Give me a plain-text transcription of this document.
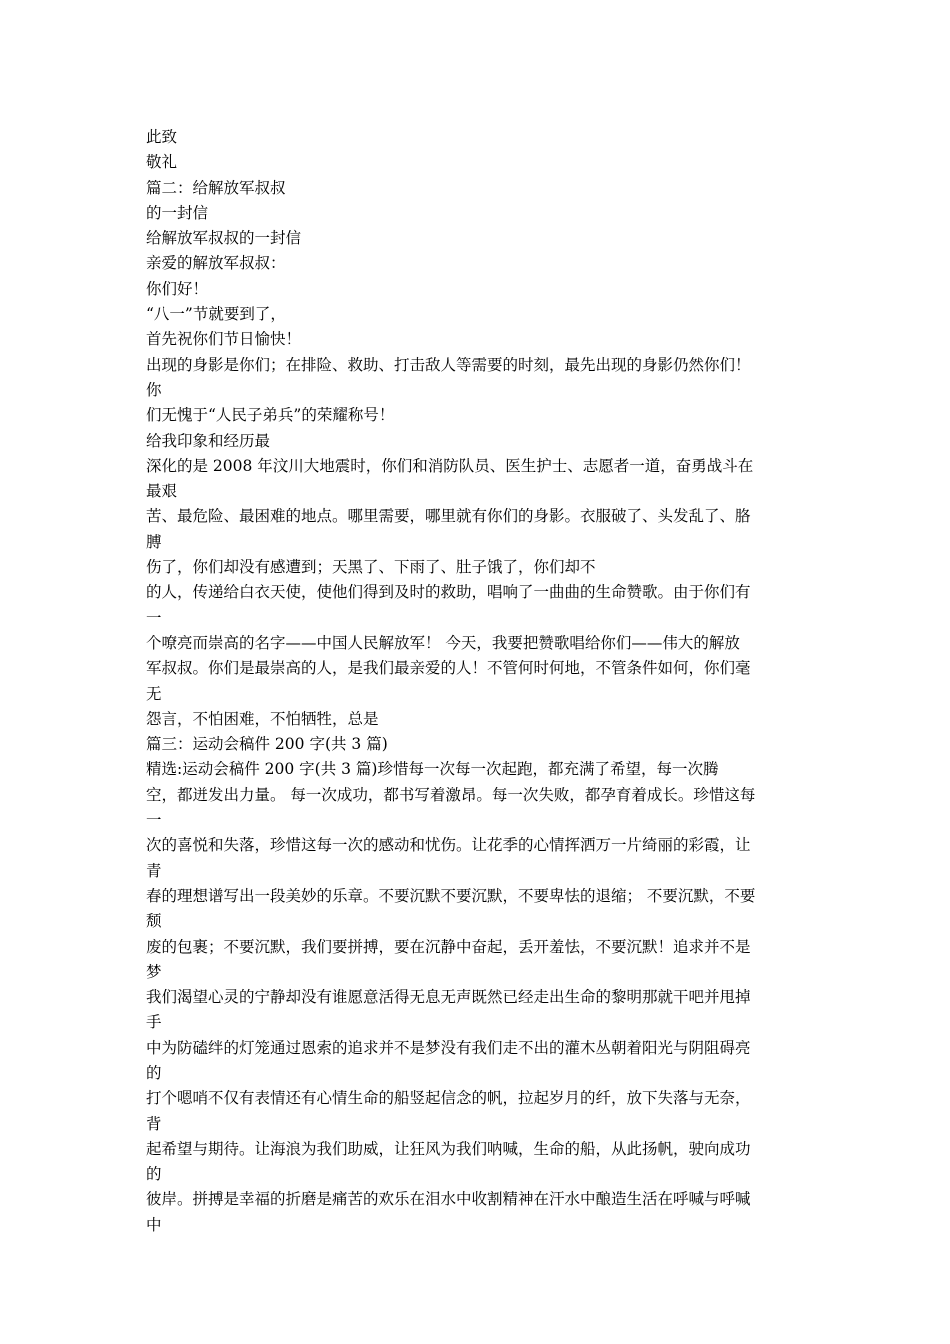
此致
敬礼
篇二：给解放军叔叔
的一封信
给解放军叔叔的一封信
亲爱的解放军叔叔：
你们好！
“八一”节就要到了，
首先祝你们节日愉快！
出现的身影是你们；在排险、救助、打击敌人等需要的时刻，最先出现的身影仍然你们！
你
们无愧于“人民子弟兵”的荣耀称号！
给我印象和经历最
深化的是 2008 年汶川大地震时，你们和消防队员、医生护士、志愿者一道，奋勇战斗在
最艰
苦、最危险、最困难的地点。哪里需要，哪里就有你们的身影。衣服破了、头发乱了、胳
膊
伤了，你们却没有感遭到；天黑了、下雨了、肚子饿了，你们却不
的人，传递给白衣天使，使他们得到及时的救助，唱响了一曲曲的生命赞歌。由于你们有
一
个嘹亮而崇高的名字——中国人民解放军！ 今天，我要把赞歌唱给你们——伟大的解放
军叔叔。你们是最崇高的人，是我们最亲爱的人！不管何时何地，不管条件如何，你们毫
无
怨言，不怕困难，不怕牺牲，总是
篇三：运动会稿件 200 字(共 3 篇)
精选:运动会稿件 200 字(共 3 篇)珍惜每一次每一次起跑，都充满了希望，每一次腾
空，都迸发出力量。 每一次成功，都书写着激昂。每一次失败，都孕育着成长。珍惜这每
一
次的喜悦和失落，珍惜这每一次的感动和忧伤。让花季的心情挥洒万一片绮丽的彩霞，让
青
春的理想谱写出一段美妙的乐章。不要沉默不要沉默，不要卑怯的退缩； 不要沉默，不要
颓
废的包裹；不要沉默，我们要拼搏，要在沉静中奋起，丢开羞怯，不要沉默！追求并不是
梦
我们渴望心灵的宁静却没有谁愿意活得无息无声既然已经走出生命的黎明那就干吧并甩掉
手
中为防磕绊的灯笼通过恩索的追求并不是梦没有我们走不出的灌木丛朝着阳光与阴阻碍亮
的
打个嗯哨不仅有表情还有心情生命的船竖起信念的帆，拉起岁月的纤，放下失落与无奈，
背
起希望与期待。让海浪为我们助威，让狂风为我们呐喊，生命的船，从此扬帆，驶向成功
的
彼岸。拼搏是幸福的折磨是痛苦的欢乐在泪水中收割精神在汗水中酿造生活在呼喊与呼喊
中
